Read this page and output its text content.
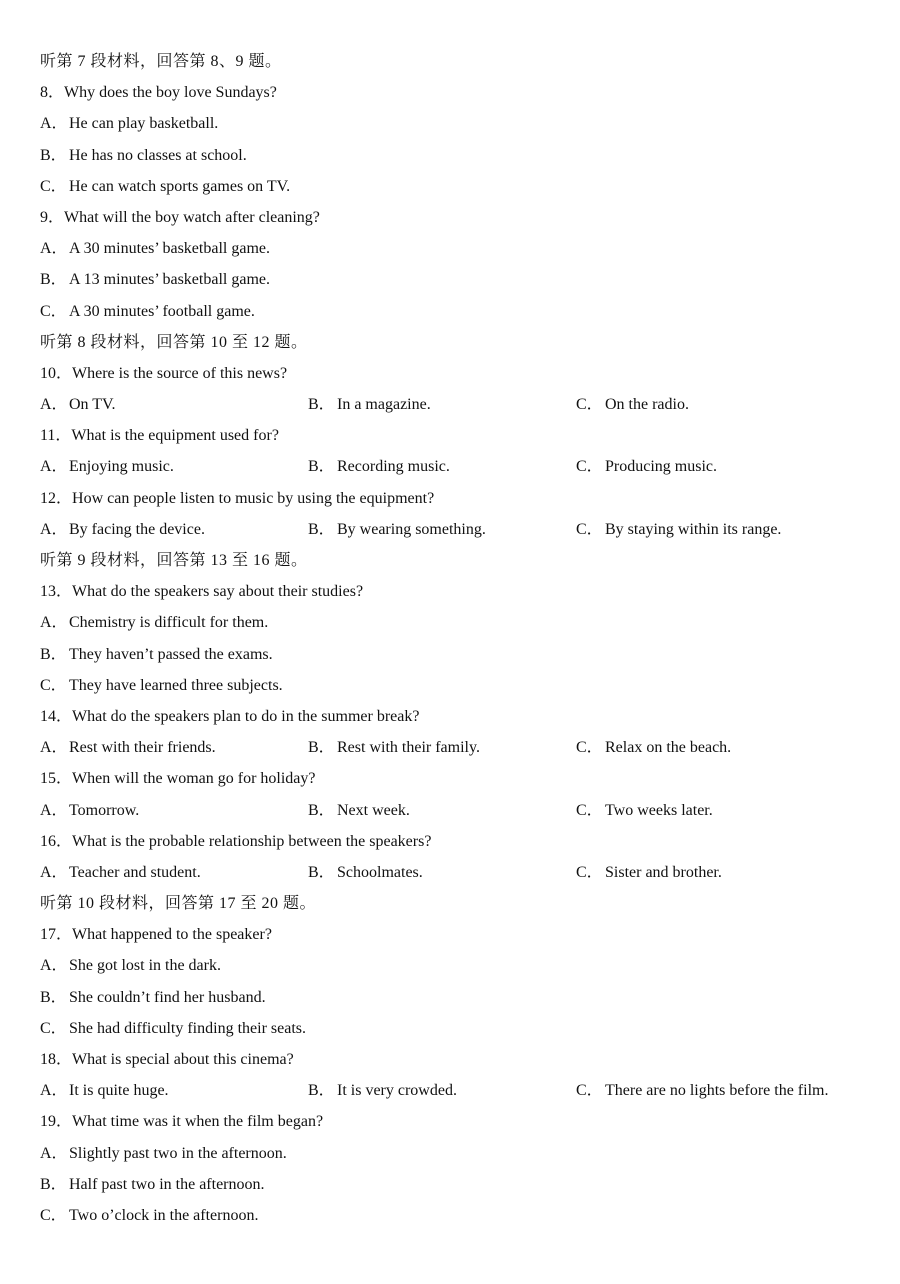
听第 7 段材料，回答第 8、9 题。
8．Why does the boy love Sundays?
A．He can play basketball.
B． He has no classes at school.
C． He can watch sports games on TV.
9．What will the boy watch after cleaning?
A．A 30 minutes’ basketball game.
B． A 13 minutes’ basketball game.
C． A 30 minutes’ football game.
听第 8 段材料，回答第 10 至 12 题。
10．Where is the source of this news?
A．On TV.	B． In a magazine.	C． On the radio.
11．What is the equipment used for?
A．Enjoying music.	B． Recording music.	C． Producing music.
12．How can people listen to music by using the equipment?
A．By facing the device.	B． By wearing something.	C． By staying within its range.
听第 9 段材料，回答第 13 至 16 题。
13．What do the speakers say about their studies?
A．Chemistry is difficult for them.
B． They haven’t passed the exams.
C． They have learned three subjects.
14．What do the speakers plan to do in the summer break?
A．Rest with their friends.	B． Rest with their family.	C． Relax on the beach.
15．When will the woman go for holiday?
A．Tomorrow.	B． Next week.	C． Two weeks later.
16．What is the probable relationship between the speakers?
A．Teacher and student.	B． Schoolmates.	C． Sister and brother.
听第 10 段材料，回答第 17 至 20 题。
17．What happened to the speaker?
A．She got lost in the dark.
B． She couldn’t find her husband.
C． She had difficulty finding their seats.
18．What is special about this cinema?
A．It is quite huge.	B． It is very crowded.	C． There are no lights before the film.
19．What time was it when the film began?
A．Slightly past two in the afternoon.
B． Half past two in the afternoon.
C． Two o’clock in the afternoon.
